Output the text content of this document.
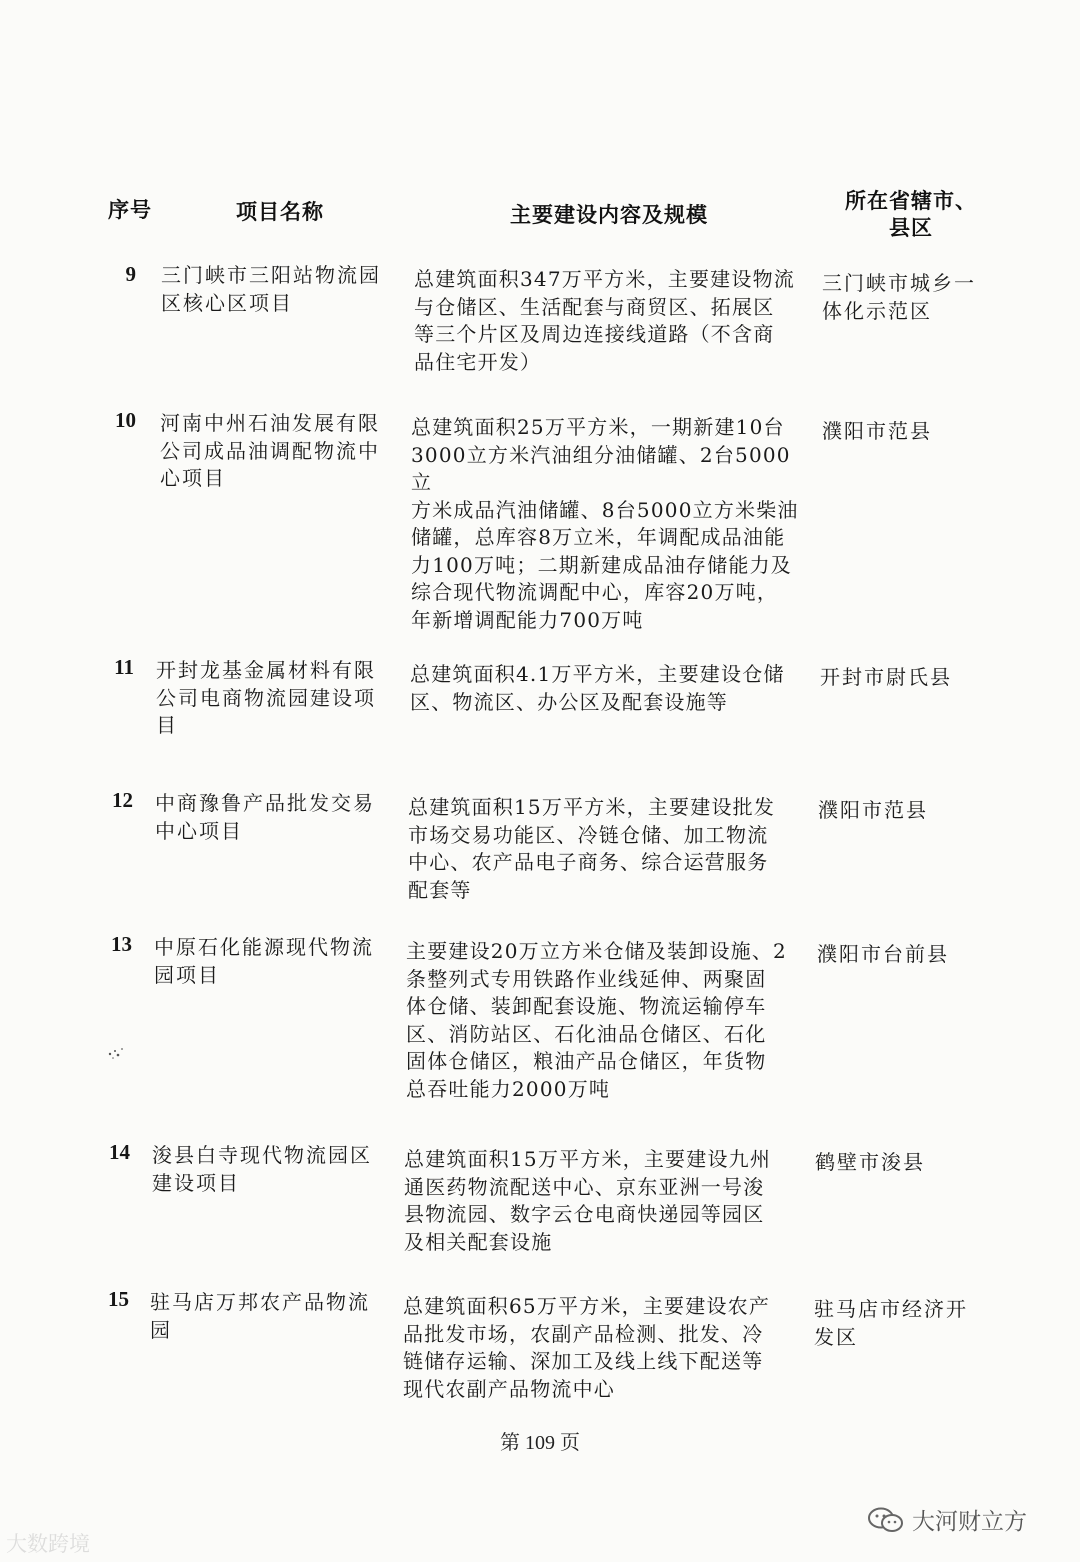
序号	项目名称	主要建设内容及规模
所在省辖市、
县区
9 三门峡市三阳站物流园
区核心区项目
总建筑面积347万平方米，主要建设物流
与仓储区、生活配套与商贸区、拓展区
等三个片区及周边连接线道路（不含商
品住宅开发）
三门峡市城乡一
体化示范区
10 河南中州石油发展有限
公司成品油调配物流中
心项目
总建筑面积25万平方米，一期新建10台
3000立方米汽油组分油储罐、2台5000立
方米成品汽油储罐、8台5000立方米柴油
储罐，总库容8万立米，年调配成品油能
力100万吨；二期新建成品油存储能力及
综合现代物流调配中心，库容20万吨，
年新增调配能力700万吨
濮阳市范县
11 开封龙基金属材料有限
公司电商物流园建设项
目
总建筑面积4.1万平方米，主要建设仓储
区、物流区、办公区及配套设施等
开封市尉氏县
12 中商豫鲁产品批发交易
中心项目
总建筑面积15万平方米，主要建设批发
市场交易功能区、冷链仓储、加工物流
中心、农产品电子商务、综合运营服务
配套等
濮阳市范县
13 中原石化能源现代物流
园项目
主要建设20万立方米仓储及装卸设施、2
条整列式专用铁路作业线延伸、两聚固
体仓储、装卸配套设施、物流运输停车
区、消防站区、石化油品仓储区、石化
固体仓储区，粮油产品仓储区，年货物
总吞吐能力2000万吨
濮阳市台前县
14 浚县白寺现代物流园区
建设项目
总建筑面积15万平方米，主要建设九州
通医药物流配送中心、京东亚洲一号浚
县物流园、数字云仓电商快递园等园区
及相关配套设施
鹤壁市浚县
15 驻马店万邦农产品物流
园
总建筑面积65万平方米，主要建设农产
品批发市场，农副产品检测、批发、冷
链储存运输、深加工及线上线下配送等
现代农副产品物流中心
驻马店市经济开
发区
第 109 页
大数跨境
大河财立方
